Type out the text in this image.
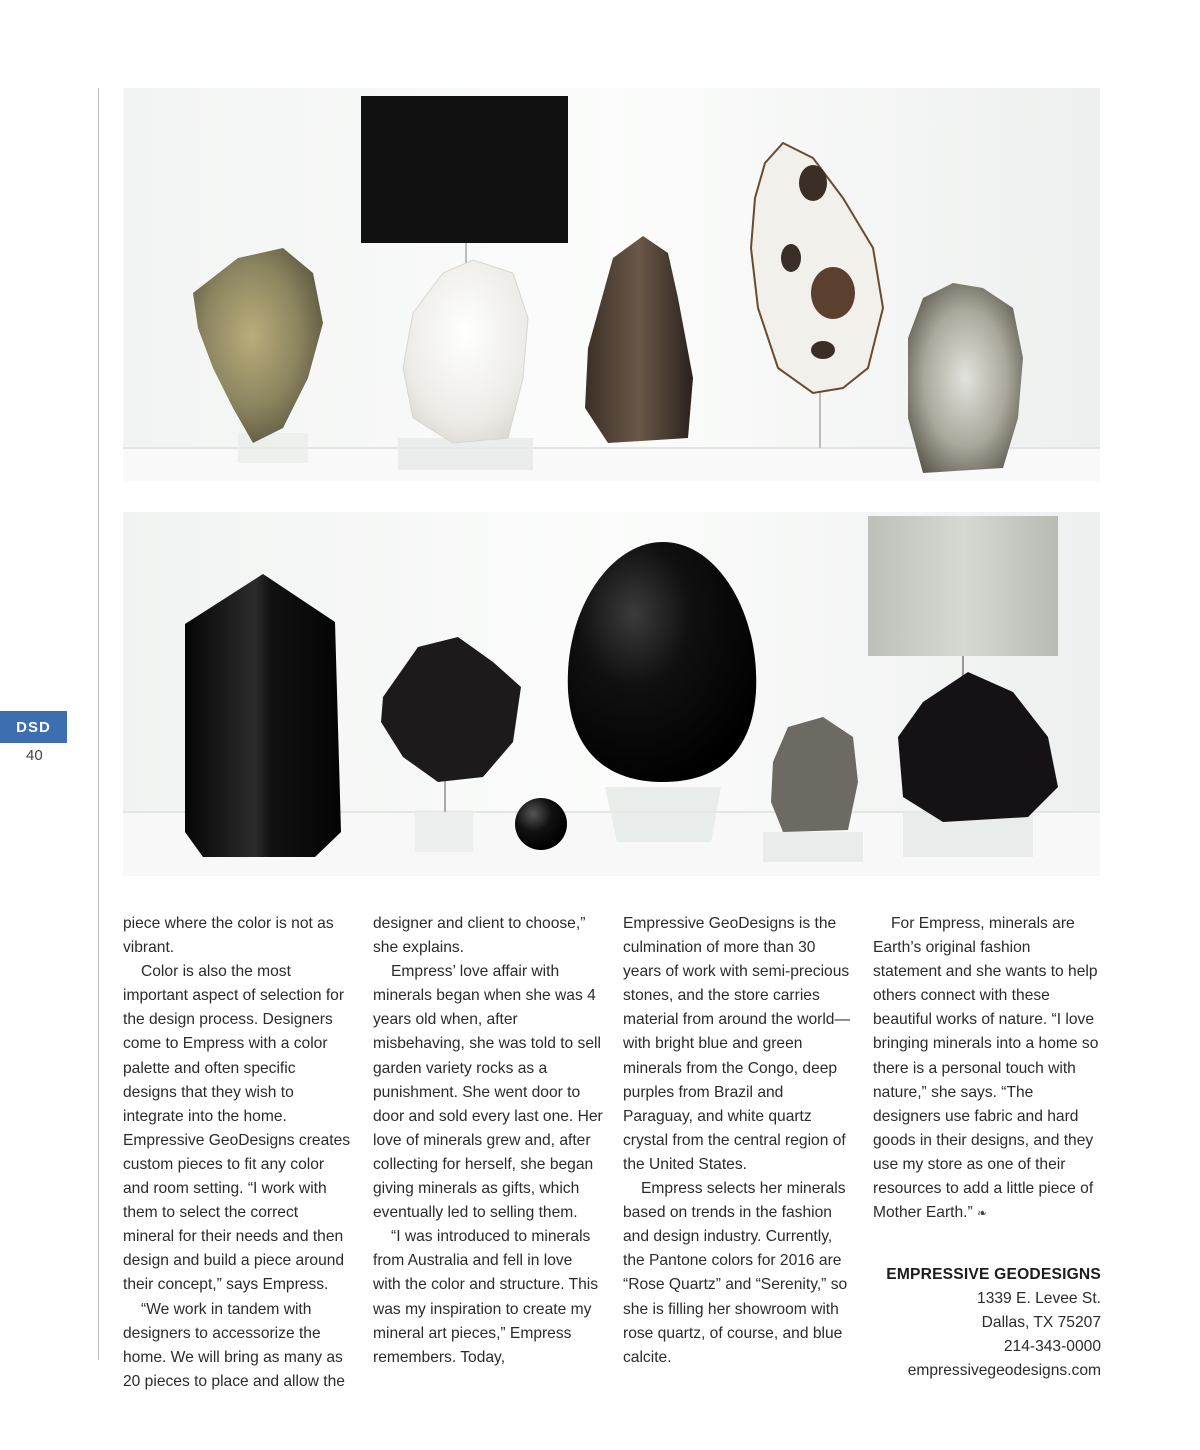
DSD
40

piece where the color is not as vibrant.

Color is also the most important aspect of selection for the design process. Designers come to Empress with a color palette and often specific designs that they wish to integrate into the home. Empressive GeoDesigns creates custom pieces to fit any color and room setting. “I work with them to select the correct mineral for their needs and then design and build a piece around their concept,” says Empress.

“We work in tandem with designers to accessorize the home. We will bring as many as 20 pieces to place and allow the

designer and client to choose,” she explains.

Empress’ love affair with minerals began when she was 4 years old when, after misbehaving, she was told to sell garden variety rocks as a punishment. She went door to door and sold every last one. Her love of minerals grew and, after collecting for herself, she began giving minerals as gifts, which eventually led to selling them.

“I was introduced to minerals from Australia and fell in love with the color and structure. This was my inspiration to create my mineral art pieces,” Empress remembers. Today,

Empressive GeoDesigns is the culmination of more than 30 years of work with semi-precious stones, and the store carries material from around the world—with bright blue and green minerals from the Congo, deep purples from Brazil and Paraguay, and white quartz crystal from the central region of the United States.

Empress selects her minerals based on trends in the fashion and design industry. Currently, the Pantone colors for 2016 are “Rose Quartz” and “Serenity,” so she is filling her showroom with rose quartz, of course, and blue calcite.

For Empress, minerals are Earth’s original fashion statement and she wants to help others connect with these beautiful works of nature. “I love bringing minerals into a home so there is a personal touch with nature,” she says. “The designers use fabric and hard goods in their designs, and they use my store as one of their resources to add a little piece of Mother Earth.” ❧

EMPRESSIVE GEODESIGNS
1339 E. Levee St.
Dallas, TX 75207
214-343-0000
empressivegeodesigns.com
